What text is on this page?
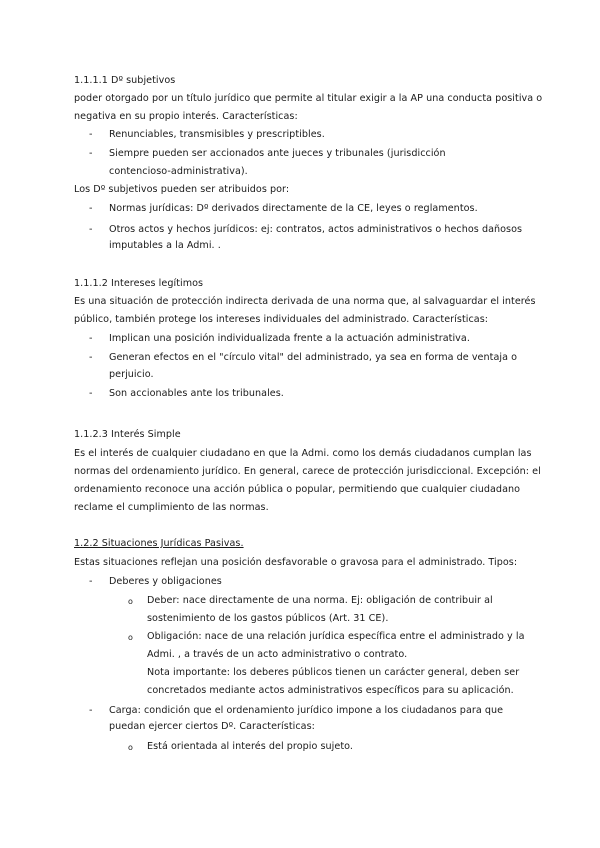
1.1.1.1 Dº subjetivos
poder otorgado por un título jurídico que permite al titular exigir a la AP una conducta positiva o
negativa en su propio interés. Características:
- Renunciables, transmisibles y prescriptibles.
- Siempre pueden ser accionados ante jueces y tribunales (jurisdicción
contencioso-administrativa).
Los Dº subjetivos pueden ser atribuidos por:
- Normas jurídicas: Dº derivados directamente de la CE, leyes o reglamentos.
- Otros actos y hechos jurídicos: ej: contratos, actos administrativos o hechos dañosos
imputables a la Admi. .
1.1.1.2 Intereses legítimos
Es una situación de protección indirecta derivada de una norma que, al salvaguardar el interés
público, también protege los intereses individuales del administrado. Características:
- Implican una posición individualizada frente a la actuación administrativa.
- Generan efectos en el "círculo vital" del administrado, ya sea en forma de ventaja o
perjuicio.
- Son accionables ante los tribunales.
1.1.2.3 Interés Simple
Es el interés de cualquier ciudadano en que la Admi. como los demás ciudadanos cumplan las
normas del ordenamiento jurídico. En general, carece de protección jurisdiccional. Excepción: el
ordenamiento reconoce una acción pública o popular, permitiendo que cualquier ciudadano
reclame el cumplimiento de las normas.
1.2.2 Situaciones Jurídicas Pasivas.
Estas situaciones reflejan una posición desfavorable o gravosa para el administrado. Tipos:
- Deberes y obligaciones
o Deber: nace directamente de una norma. Ej: obligación de contribuir al
sostenimiento de los gastos públicos (Art. 31 CE).
o Obligación: nace de una relación jurídica específica entre el administrado y la
Admi. , a través de un acto administrativo o contrato.
Nota importante: los deberes públicos tienen un carácter general, deben ser
concretados mediante actos administrativos específicos para su aplicación.
- Carga: condición que el ordenamiento jurídico impone a los ciudadanos para que
puedan ejercer ciertos Dº. Características:
o Está orientada al interés del propio sujeto.
